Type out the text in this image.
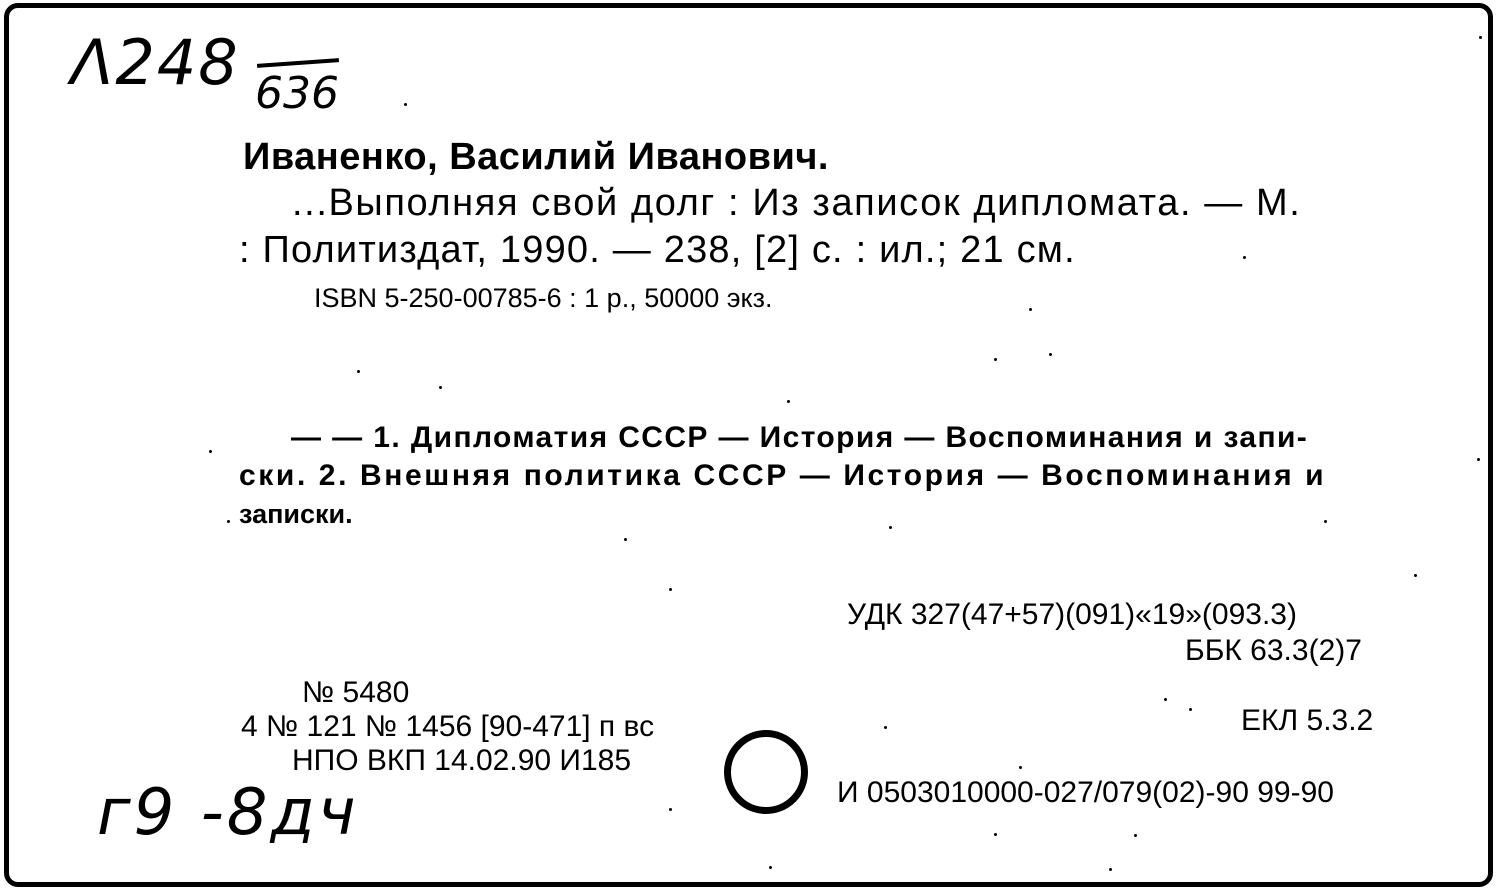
Λ248 636
Иваненко, Василий Иванович.
...Выполняя свой долг : Из записок дипломата. — М.
: Политиздат, 1990. — 238, [2] с. : ил.; 21 см.
ISBN 5-250-00785-6 : 1 р., 50000 экз.
— — 1. Дипломатия СССР — История — Воспоминания и запи-
ски. 2. Внешняя политика СССР — История — Воспоминания и
записки.
УДК 327(47+57)(091)«19»(093.3)
ББК 63.3(2)7
ЕКЛ 5.3.2
И 0503010000-027/079(02)-90 99-90
№ 5480
4 № 121 № 1456 [90-471] п вс
НПО ВКП 14.02.90 И185
г9 -8дч
